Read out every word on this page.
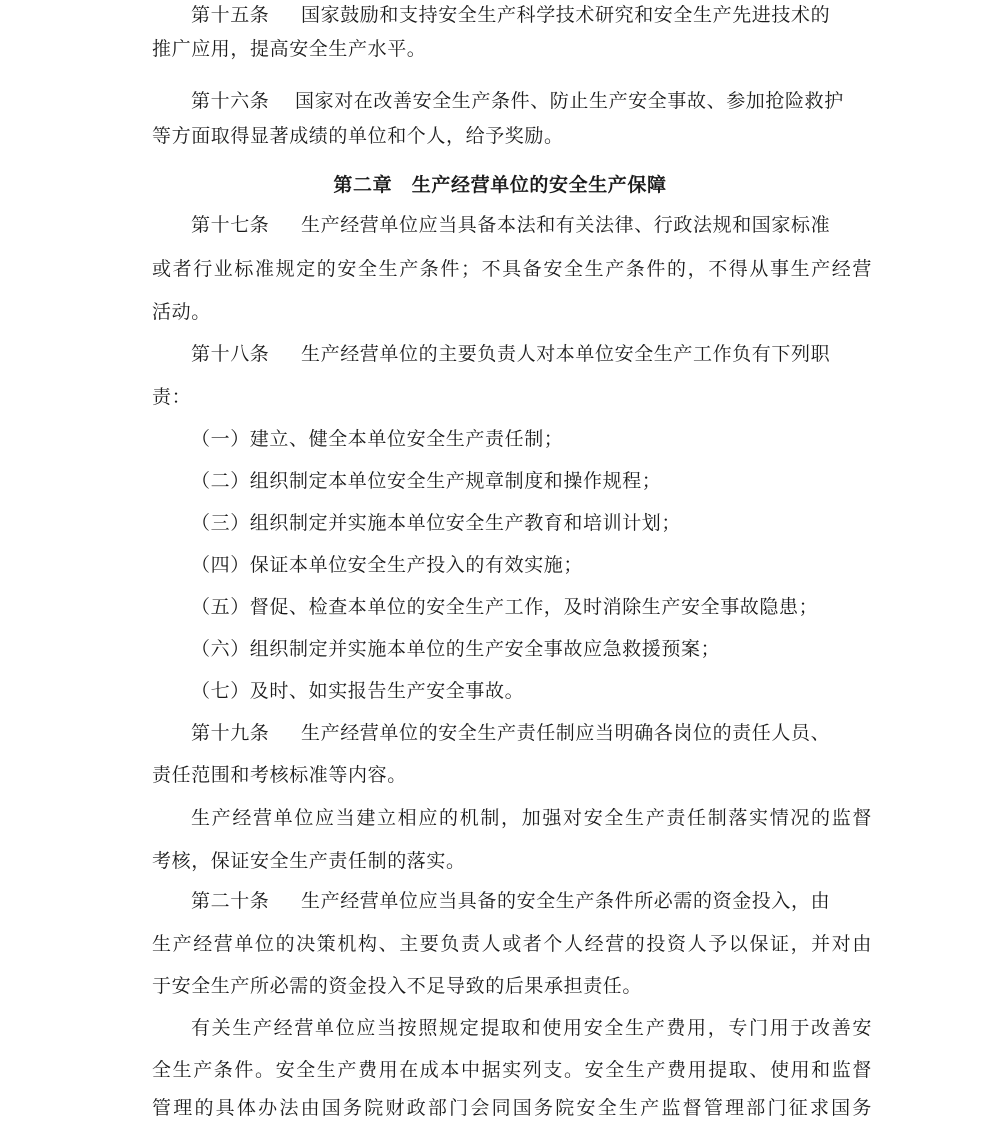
第十五条 国家鼓励和支持安全生产科学技术研究和安全生产先进技术的
推广应用，提高安全生产水平。
第十六条 国家对在改善安全生产条件、防止生产安全事故、参加抢险救护
等方面取得显著成绩的单位和个人，给予奖励。
第二章　生产经营单位的安全生产保障
第十七条 生产经营单位应当具备本法和有关法律、行政法规和国家标准
或者行业标准规定的安全生产条件；不具备安全生产条件的，不得从事生产经营
活动。
第十八条 生产经营单位的主要负责人对本单位安全生产工作负有下列职
责：
（一）建立、健全本单位安全生产责任制；
（二）组织制定本单位安全生产规章制度和操作规程；
（三）组织制定并实施本单位安全生产教育和培训计划；
（四）保证本单位安全生产投入的有效实施；
（五）督促、检查本单位的安全生产工作，及时消除生产安全事故隐患；
（六）组织制定并实施本单位的生产安全事故应急救援预案；
（七）及时、如实报告生产安全事故。
第十九条 生产经营单位的安全生产责任制应当明确各岗位的责任人员、
责任范围和考核标准等内容。
生产经营单位应当建立相应的机制，加强对安全生产责任制落实情况的监督
考核，保证安全生产责任制的落实。
第二十条 生产经营单位应当具备的安全生产条件所必需的资金投入，由
生产经营单位的决策机构、主要负责人或者个人经营的投资人予以保证，并对由
于安全生产所必需的资金投入不足导致的后果承担责任。
有关生产经营单位应当按照规定提取和使用安全生产费用，专门用于改善安
全生产条件。安全生产费用在成本中据实列支。安全生产费用提取、使用和监督
管理的具体办法由国务院财政部门会同国务院安全生产监督管理部门征求国务
